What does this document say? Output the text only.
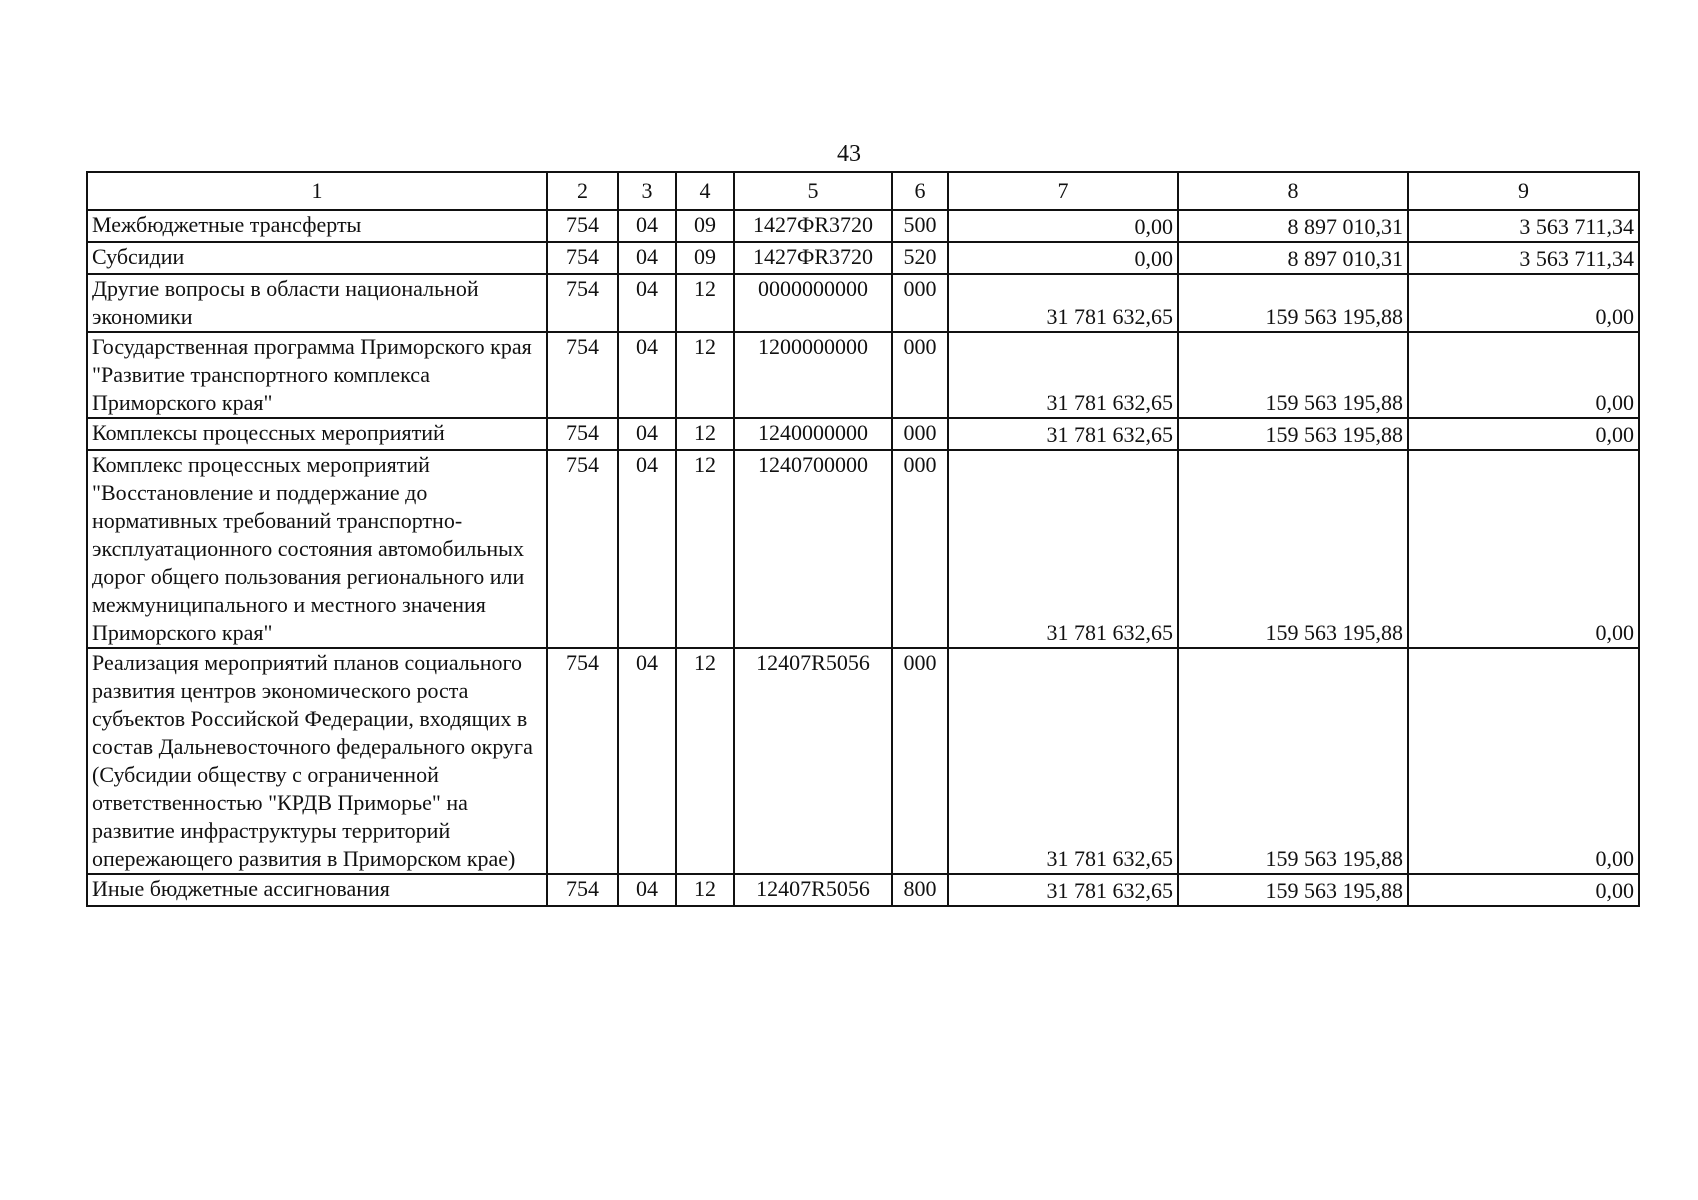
43
1	2	3	4	5	6	7	8	9
Межбюджетные трансферты	754	04	09	1427ФR3720	500	0,00	8 897 010,31	3 563 711,34
Субсидии	754	04	09	1427ФR3720	520	0,00	8 897 010,31	3 563 711,34
Другие вопросы в области национальной экономики	754	04	12	0000000000	000	31 781 632,65	159 563 195,88	0,00
Государственная программа Приморского края "Развитие транспортного комплекса Приморского края"	754	04	12	1200000000	000	31 781 632,65	159 563 195,88	0,00
Комплексы процессных мероприятий	754	04	12	1240000000	000	31 781 632,65	159 563 195,88	0,00
Комплекс процессных мероприятий "Восстановление и поддержание до нормативных требований транспортно-эксплуатационного состояния автомобильных дорог общего пользования регионального или межмуниципального и местного значения Приморского края"	754	04	12	1240700000	000	31 781 632,65	159 563 195,88	0,00
Реализация мероприятий планов социального развития центров экономического роста субъектов Российской Федерации, входящих в состав Дальневосточного федерального округа (Субсидии обществу с ограниченной ответственностью "КРДВ Приморье" на развитие инфраструктуры территорий опережающего развития в Приморском крае)	754	04	12	12407R5056	000	31 781 632,65	159 563 195,88	0,00
Иные бюджетные ассигнования	754	04	12	12407R5056	800	31 781 632,65	159 563 195,88	0,00
